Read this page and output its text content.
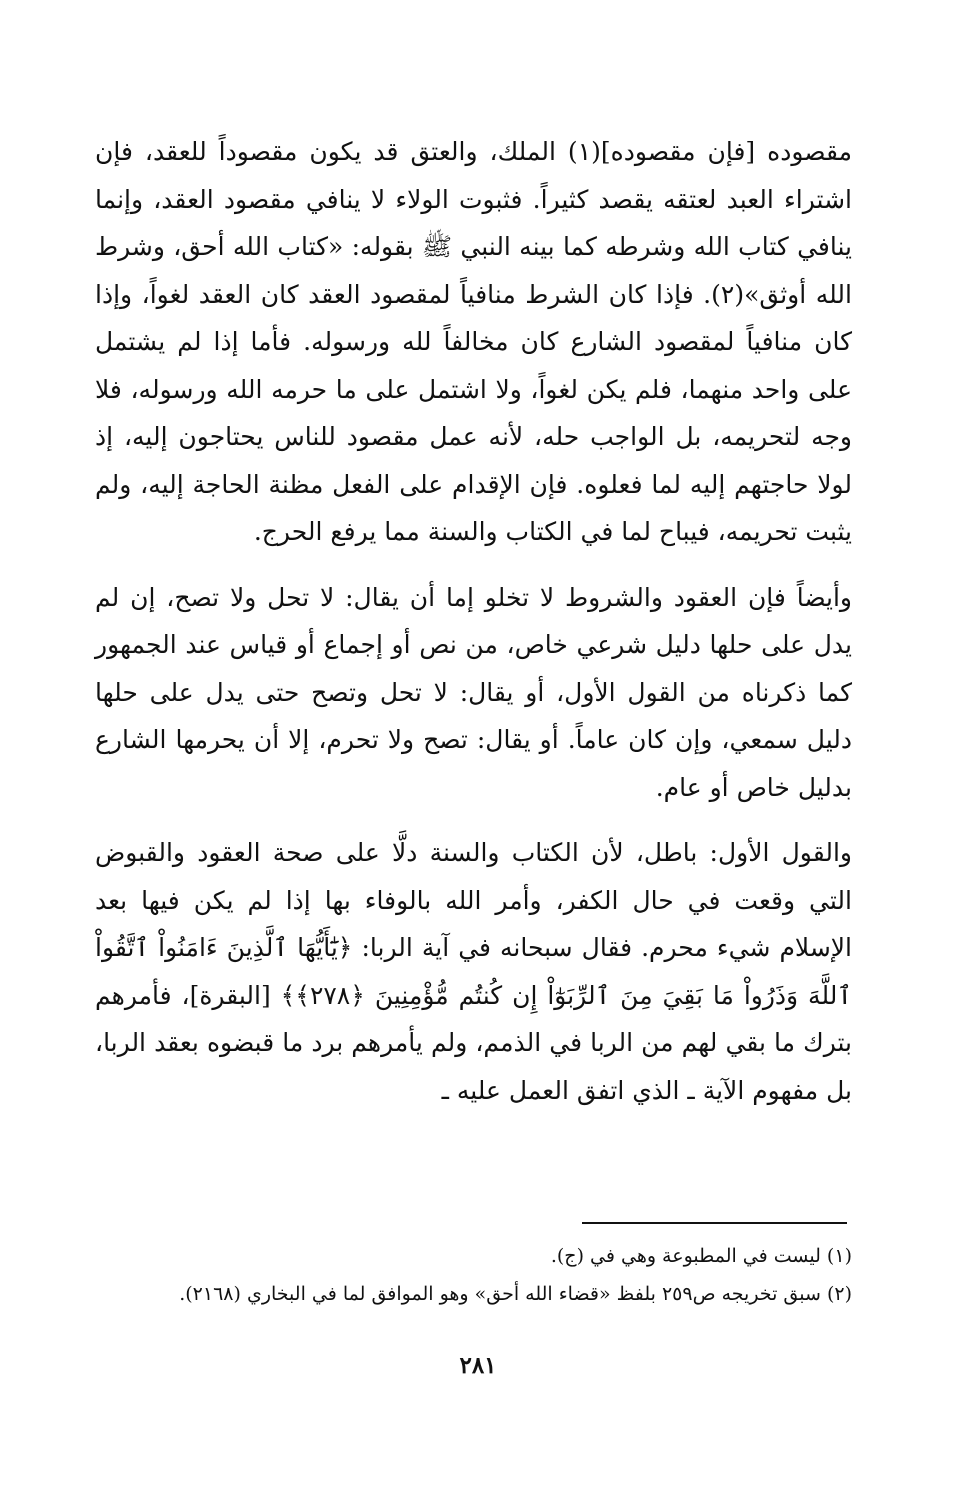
مقصوده [فإن مقصوده](١) الملك، والعتق قد يكون مقصوداً للعقد، فإن اشتراء العبد لعتقه يقصد كثيراً. فثبوت الولاء لا ينافي مقصود العقد، وإنما ينافي كتاب الله وشرطه كما بينه النبي ﷺ بقوله: «كتاب الله أحق، وشرط الله أوثق»(٢). فإذا كان الشرط منافياً لمقصود العقد كان العقد لغواً، وإذا كان منافياً لمقصود الشارع كان مخالفاً لله ورسوله. فأما إذا لم يشتمل على واحد منهما، فلم يكن لغواً، ولا اشتمل على ما حرمه الله ورسوله، فلا وجه لتحريمه، بل الواجب حله، لأنه عمل مقصود للناس يحتاجون إليه، إذ لولا حاجتهم إليه لما فعلوه. فإن الإقدام على الفعل مظنة الحاجة إليه، ولم يثبت تحريمه، فيباح لما في الكتاب والسنة مما يرفع الحرج.

وأيضاً فإن العقود والشروط لا تخلو إما أن يقال: لا تحل ولا تصح، إن لم يدل على حلها دليل شرعي خاص، من نص أو إجماع أو قياس عند الجمهور كما ذكرناه من القول الأول، أو يقال: لا تحل وتصح حتى يدل على حلها دليل سمعي، وإن كان عاماً. أو يقال: تصح ولا تحرم، إلا أن يحرمها الشارع بدليل خاص أو عام.

والقول الأول: باطل، لأن الكتاب والسنة دلَّا على صحة العقود والقبوض التي وقعت في حال الكفر، وأمر الله بالوفاء بها إذا لم يكن فيها بعد الإسلام شيء محرم. فقال سبحانه في آية الربا: ﴿يَٰٓأَيُّهَا ٱلَّذِينَ ءَامَنُواْ ٱتَّقُواْ ٱللَّهَ وَذَرُواْ مَا بَقِيَ مِنَ ٱلرِّبَوٰٓاْ إِن كُنتُم مُّؤْمِنِينَ ﴿٢٧٨﴾﴾ [البقرة]، فأمرهم بترك ما بقي لهم من الربا في الذمم، ولم يأمرهم برد ما قبضوه بعقد الربا، بل مفهوم الآية ـ الذي اتفق العمل عليه ـ

(١) ليست في المطبوعة وهي في (ج).

(٢) سبق تخريجه ص٢٥٩ بلفظ «قضاء الله أحق» وهو الموافق لما في البخاري (٢١٦٨).

٢٨١
